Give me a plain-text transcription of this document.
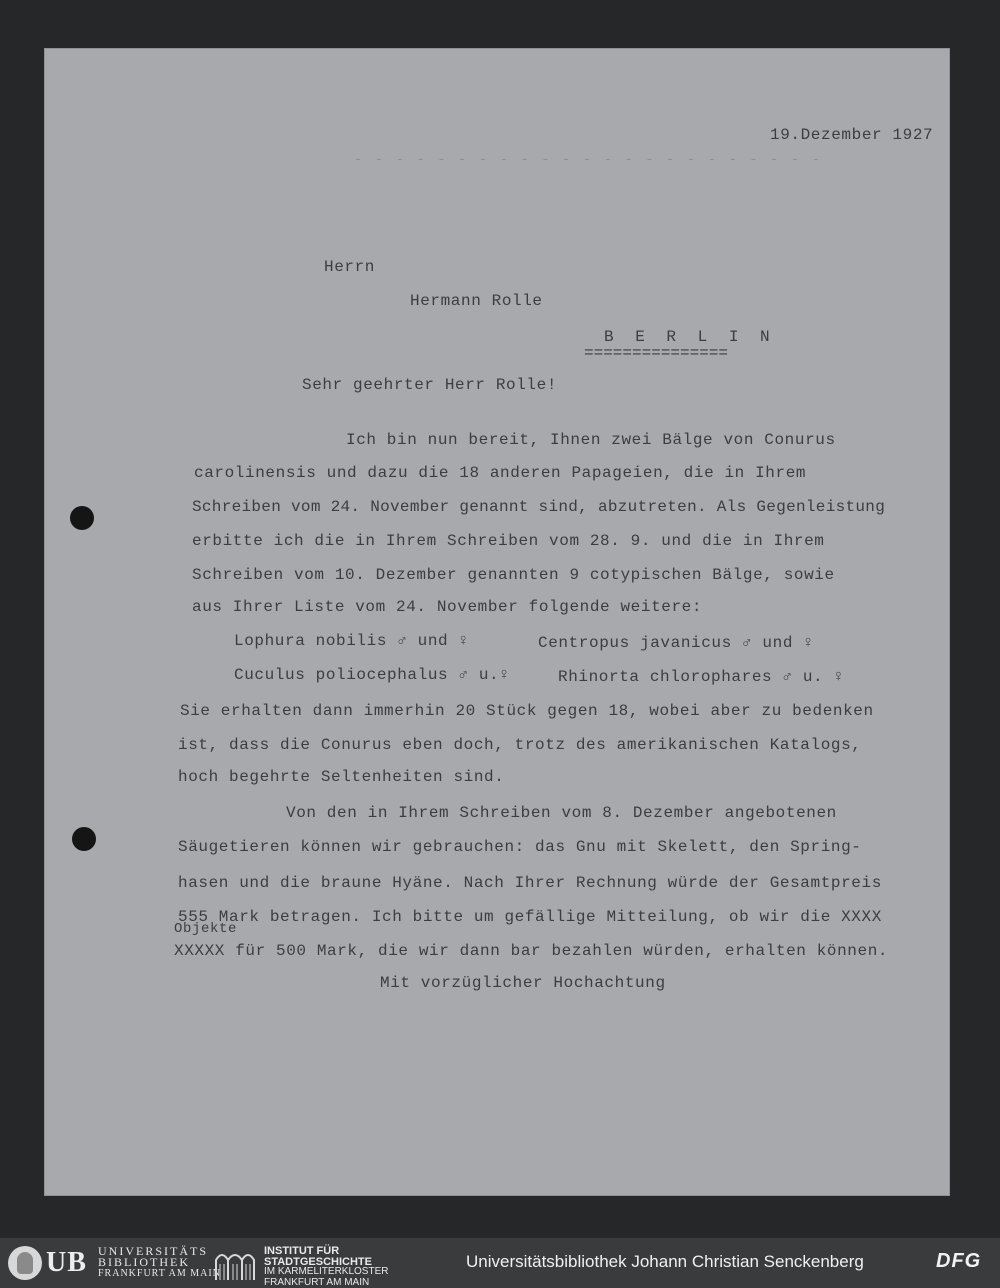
19.Dezember 1927
- - - - - - - - - - - - - - - - - - - - - - -
Herrn
Hermann Rolle
B E R L I N
===============
Sehr geehrter Herr Rolle!
Ich bin nun bereit, Ihnen zwei Bälge von Conurus
carolinensis und dazu die 18 anderen Papageien, die in Ihrem
Schreiben vom 24. November genannt sind, abzutreten. Als Gegenleistung
erbitte ich die in Ihrem Schreiben vom 28. 9. und die in Ihrem
Schreiben vom 10. Dezember genannten 9 cotypischen Bälge, sowie
aus Ihrer Liste vom 24. November folgende weitere:
Lophura nobilis ♂ und ♀	Centropus javanicus ♂ und ♀
Cuculus poliocephalus ♂ u.♀	Rhinorta chlorophares ♂ u. ♀
Sie erhalten dann immerhin 20 Stück gegen 18, wobei aber zu bedenken
ist, dass die Conurus eben doch, trotz des amerikanischen Katalogs,
hoch begehrte Seltenheiten sind.
Von den in Ihrem Schreiben vom 8. Dezember angebotenen
Säugetieren können wir gebrauchen: das Gnu mit Skelett, den Spring-
hasen und die braune Hyäne. Nach Ihrer Rechnung würde der Gesamtpreis
555 Mark betragen. Ich bitte um gefällige Mitteilung, ob wir die XXXX
Objekte
XXXXX für 500 Mark, die wir dann bar bezahlen würden, erhalten können.
Mit vorzüglicher Hochachtung
UB UNIVERSITÄTS
BIBLIOTHEK
FRANKFURT AM MAIN
INSTITUT FÜR
STADTGESCHICHTE
IM KARMELITERKLOSTER
FRANKFURT AM MAIN
Universitätsbibliothek Johann Christian Senckenberg	DFG
